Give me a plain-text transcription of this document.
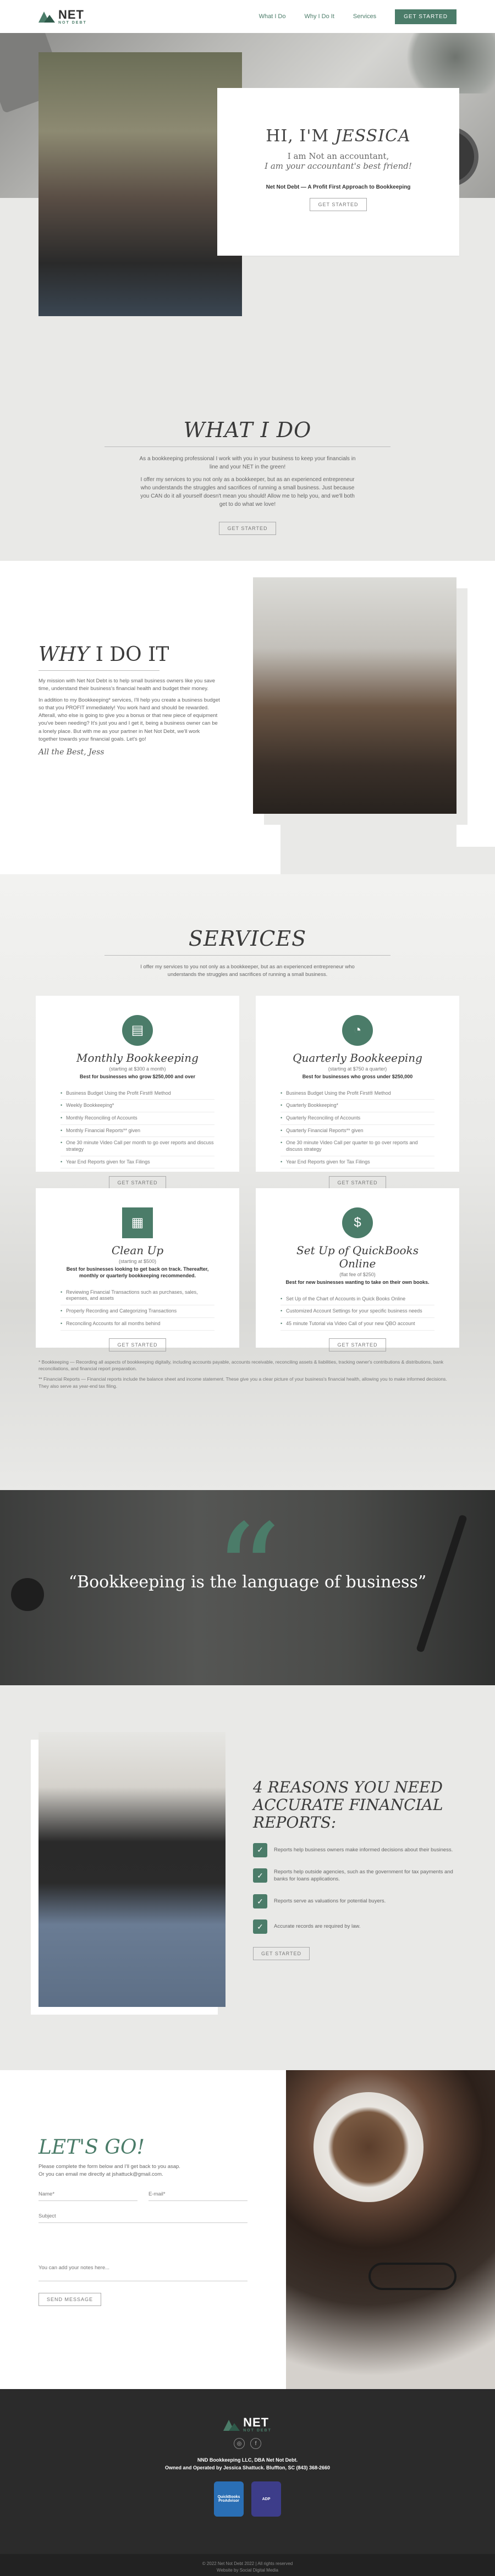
NET
NOT DEBT
What I Do	Why I Do It	Services	GET STARTED
HI, I'M JESSICA
I am Not an accountant,
I am your accountant's best friend!
Net Not Debt — A Profit First Approach to Bookkeeping
GET STARTED
WHAT I DO

As a bookkeeping professional I work with you in your business to keep your financials in line and your NET in the green!

I offer my services to you not only as a bookkeeper, but as an experienced entrepreneur who understands the struggles and sacrifices of running a small business. Just because you CAN do it all yourself doesn't mean you should! Allow me to help you, and we'll both get to do what we love!

GET STARTED
WHY I DO IT

My mission with Net Not Debt is to help small business owners like you save time, understand their business's financial health and budget their money.

In addition to my Bookkeeping* services, I'll help you create a business budget so that you PROFIT immediately! You work hard and should be rewarded. Afterall, who else is going to give you a bonus or that new piece of equipment you've been needing? It's just you and I get it, being a business owner can be a lonely place. But with me as your partner in Net Not Debt, we'll work together towards your financial goals. Let's go!

All the Best, Jess
SERVICES

I offer my services to you not only as a bookkeeper, but as an experienced entrepreneur who understands the struggles and sacrifices of running a small business.

▤
Monthly Bookkeeping
(starting at $300 a month)
Best for businesses who grow $250,000 and over
• Business Budget Using the Profit First® Method
• Weekly Bookkeeping*
• Monthly Reconciling of Accounts
• Monthly Financial Reports** given
• One 30 minute Video Call per month to go over reports and discuss strategy
• Year End Reports given for Tax Filings
GET STARTED
◔
Quarterly Bookkeeping
(starting at $750 a quarter)
Best for businesses who gross under $250,000
• Business Budget Using the Profit First® Method
• Quarterly Bookkeeping*
• Quarterly Reconciling of Accounts
• Quarterly Financial Reports** given
• One 30 minute Video Call per quarter to go over reports and discuss strategy
• Year End Reports given for Tax Filings
GET STARTED
▦
Clean Up
(starting at $500)
Best for businesses looking to get back on track. Thereafter, monthly or quarterly bookkeeping recommended.
• Reviewing Financial Transactions such as purchases, sales, expenses, and assets
• Properly Recording and Categorizing Transactions
• Reconciling Accounts for all months behind
GET STARTED
$
Set Up of QuickBooks Online
(flat fee of $250)
Best for new businesses wanting to take on their own books.
• Set Up of the Chart of Accounts in Quick Books Online
• Customized Account Settings for your specific business needs
• 45 minute Tutorial via Video Call of your new QBO account
GET STARTED

* Bookkeeping — Recording all aspects of bookkeeping digitally, including accounts payable, accounts receivable, reconciling assets & liabilities, tracking owner's contributions & distributions, bank reconciliations, and financial report preparation.

** Financial Reports — Financial reports include the balance sheet and income statement. These give you a clear picture of your business's financial health, allowing you to make informed decisions. They also serve as year-end tax filing.

“
“Bookkeeping is the language of business”
4 REASONS YOU NEED ACCURATE FINANCIAL REPORTS:
✓	Reports help business owners make informed decisions about their business.

✓	Reports help outside agencies, such as the government for tax payments and banks for loans applications.

✓	Reports serve as valuations for potential buyers.

✓	Accurate records are required by law.

GET STARTED
LET'S GO!

Please complete the form below and I'll get back to you asap.

Or you can email me directly at jshattuck@gmail.com.

Name*
E-mail*
Subject
You can add your notes here... SEND MESSAGE
NET
NOT DEBT
◎	f
NND Bookkeeping LLC, DBA Net Not Debt.
Owned and Operated by Jessica Shattuck. Bluffton, SC (843) 368-2660
QuickBooks ProAdvisor	ADP
© 2022 Net Not Debt 2022 | All rights reserved
Website by Social Digital Media
